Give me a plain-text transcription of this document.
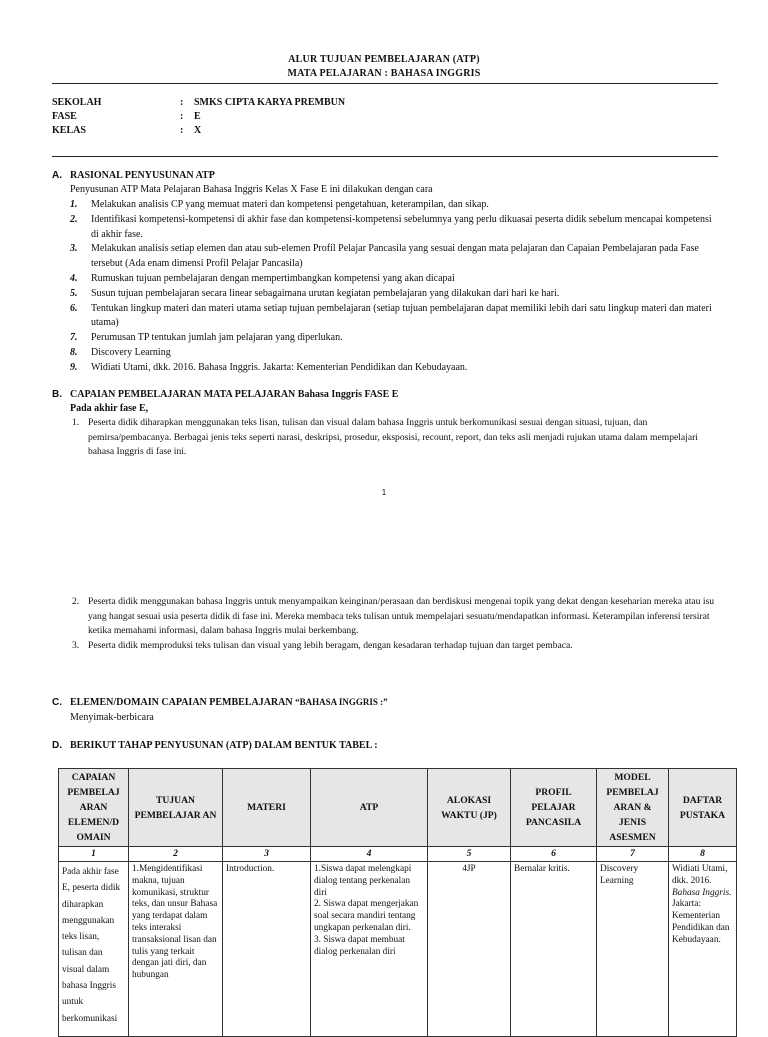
ALUR TUJUAN PEMBELAJARAN (ATP)
MATA PELAJARAN : BAHASA INGGRIS
SEKOLAH	: SMKS CIPTA KARYA PREMBUN
FASE	: E
KELAS	: X
A. RASIONAL PENYUSUNAN ATP
Penyusunan ATP Mata Pelajaran Bahasa Inggris Kelas X Fase E ini dilakukan dengan cara
1. Melakukan analisis CP yang memuat materi dan kompetensi pengetahuan, keterampilan, dan sikap.
2. Identifikasi kompetensi-kompetensi di akhir fase dan kompetensi-kompetensi sebelumnya yang perlu dikuasai peserta didik sebelum mencapai kompetensi di akhir fase.
3. Melakukan analisis setiap elemen dan atau sub-elemen Profil Pelajar Pancasila yang sesuai dengan mata pelajaran dan Capaian Pembelajaran pada Fase tersebut (Ada enam dimensi Profil Pelajar Pancasila)
4. Rumuskan tujuan pembelajaran dengan mempertimbangkan kompetensi yang akan dicapai
5. Susun tujuan pembelajaran secara linear sebagaimana urutan kegiatan pembelajaran yang dilakukan dari hari ke hari.
6. Tentukan lingkup materi dan materi utama setiap tujuan pembelajaran (setiap tujuan pembelajaran dapat memiliki lebih dari satu lingkup materi dan materi utama)
7. Perumusan TP tentukan jumlah jam pelajaran yang diperlukan.
8. Discovery Learning
9. Widiati Utami, dkk. 2016. Bahasa Inggris. Jakarta: Kementerian Pendidikan dan Kebudayaan.
B. CAPAIAN PEMBELAJARAN MATA PELAJARAN Bahasa Inggris FASE E
Pada akhir fase E,
1. Peserta didik diharapkan menggunakan teks lisan, tulisan dan visual dalam bahasa Inggris untuk berkomunikasi sesuai dengan situasi, tujuan, dan pemirsa/pembacanya. Berbagai jenis teks seperti narasi, deskripsi, prosedur, eksposisi, recount, report, dan teks asli menjadi rujukan utama dalam mempelajari bahasa Inggris di fase ini.
1
2. Peserta didik menggunakan bahasa Inggris untuk menyampaikan keinginan/perasaan dan berdiskusi mengenai topik yang dekat dengan keseharian mereka atau isu yang hangat sesuai usia peserta didik di fase ini. Mereka membaca teks tulisan untuk mempelajari sesuatu/mendapatkan informasi. Keterampilan inferensi tersirat ketika memahami informasi, dalam bahasa Inggris mulai berkembang.
3. Peserta didik memproduksi teks tulisan dan visual yang lebih beragam, dengan kesadaran terhadap tujuan dan target pembaca.
C. ELEMEN/DOMAIN CAPAIAN PEMBELAJARAN “BAHASA INGGRIS :”
Menyimak-berbicara
D. BERIKUT TAHAP PENYUSUNAN (ATP) DALAM BENTUK TABEL :
CAPAIAN PEMBELAJ ARAN ELEMEN/D OMAIN	TUJUAN PEMBELAJAR AN	MATERI	ATP	ALOKASI WAKTU (JP)	PROFIL PELAJAR PANCASILA	MODEL PEMBELAJ ARAN & JENIS ASESMEN	DAFTAR PUSTAKA
1	2	3	4	5	6	7	8
Pada akhir fase E, peserta didik diharapkan menggunakan teks lisan, tulisan dan visual dalam bahasa Inggris untuk berkomunikasi	1.Mengidentifikasi makna, tujuan komunikasi, struktur teks, dan unsur Bahasa yang terdapat dalam teks interaksi transaksional lisan dan tulis yang terkait dengan jati diri, dan hubungan	Introduction.	1.Siswa dapat melengkapi dialog tentang perkenalan diri
2. Siswa dapat mengerjakan soal secara mandiri tentang ungkapan perkenalan diri.
3. Siswa dapat membuat dialog perkenalan diri	4JP	Bernalar kritis.	Discovery Learning	Widiati Utami, dkk. 2016. Bahasa Inggris. Jakarta: Kementerian Pendidikan dan Kebudayaan.
